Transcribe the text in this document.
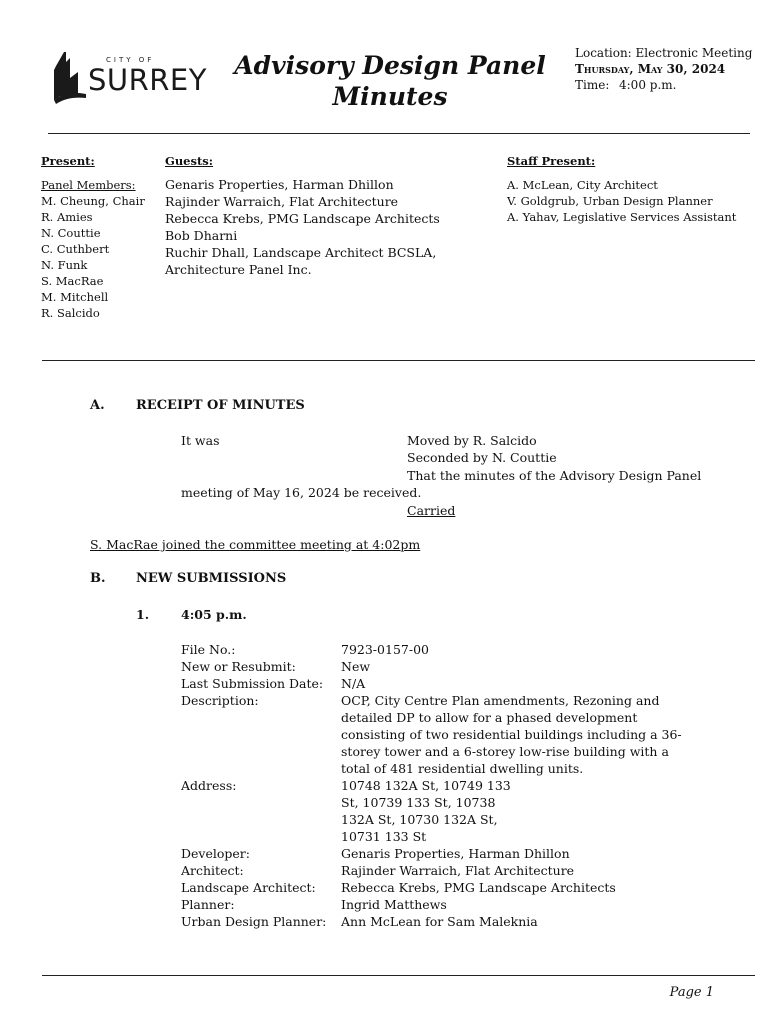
CITY OF
SURREY Advisory Design Panel
Minutes
Location: Electronic Meeting
Thursday, May 30, 2024
Time: 4:00 p.m.
Present:
Panel Members:
M. Cheung, Chair
R. Amies
N. Couttie
C. Cuthbert
N. Funk
S. MacRae
M. Mitchell
R. Salcido
Guests:
Genaris Properties, Harman Dhillon
Rajinder Warraich, Flat Architecture
Rebecca Krebs, PMG Landscape Architects
Bob Dharni
Ruchir Dhall, Landscape Architect BCSLA,
Architecture Panel Inc.
Staff Present:
A. McLean, City Architect
V. Goldgrub, Urban Design Planner
A. Yahav, Legislative Services Assistant
A. RECEIPT OF MINUTES
It was	Moved by R. Salcido
Seconded by N. Couttie
That the minutes of the Advisory Design Panel
meeting of May 16, 2024 be received.
Carried
S. MacRae joined the committee meeting at 4:02pm
B. NEW SUBMISSIONS
1.	4:05 p.m.
File No.:	7923-0157-00
New or Resubmit:	New
Last Submission Date:	N/A
Description:	OCP, City Centre Plan amendments, Rezoning and detailed DP to allow for a phased development consisting of two residential buildings including a 36-storey tower and a 6-storey low-rise building with a total of 481 residential dwelling units.
Address:	10748 132A St, 10749 133 St, 10739 133 St, 10738 132A St, 10730 132A St, 10731 133 St
Developer:	Genaris Properties, Harman Dhillon
Architect:	Rajinder Warraich, Flat Architecture
Landscape Architect:	Rebecca Krebs, PMG Landscape Architects
Planner:	Ingrid Matthews
Urban Design Planner:	Ann McLean for Sam Maleknia
Page 1
